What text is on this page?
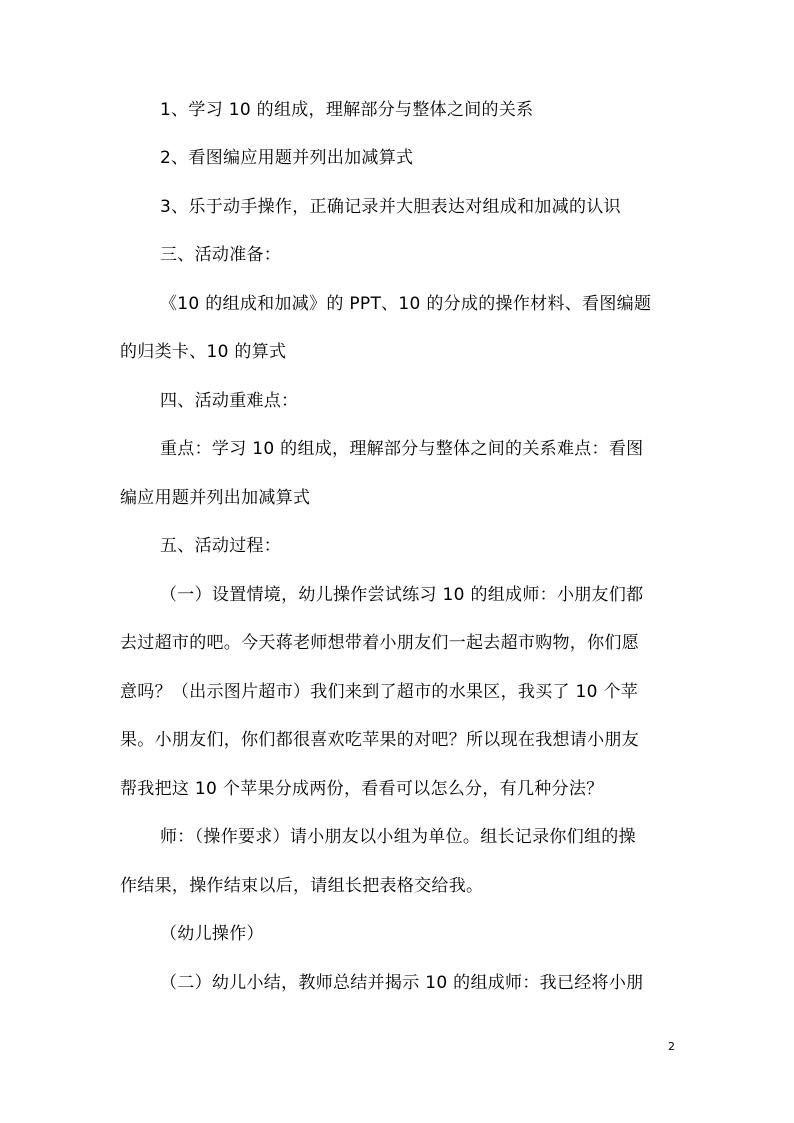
1、学习 10 的组成，理解部分与整体之间的关系
2、看图编应用题并列出加减算式
3、乐于动手操作，正确记录并大胆表达对组成和加减的认识
三、活动准备：
《10 的组成和加减》的 PPT、10 的分成的操作材料、看图编题
的归类卡、10 的算式
四、活动重难点：
重点：学习 10 的组成，理解部分与整体之间的关系难点：看图
编应用题并列出加减算式
五、活动过程：
（一）设置情境，幼儿操作尝试练习 10 的组成师：小朋友们都
去过超市的吧。今天蒋老师想带着小朋友们一起去超市购物，你们愿
意吗？（出示图片超市）我们来到了超市的水果区，我买了 10 个苹
果。小朋友们，你们都很喜欢吃苹果的对吧？所以现在我想请小朋友
帮我把这 10 个苹果分成两份，看看可以怎么分，有几种分法？
师：（操作要求）请小朋友以小组为单位。组长记录你们组的操
作结果，操作结束以后，请组长把表格交给我。
（幼儿操作）
（二）幼儿小结，教师总结并揭示 10 的组成师：我已经将小朋
2
